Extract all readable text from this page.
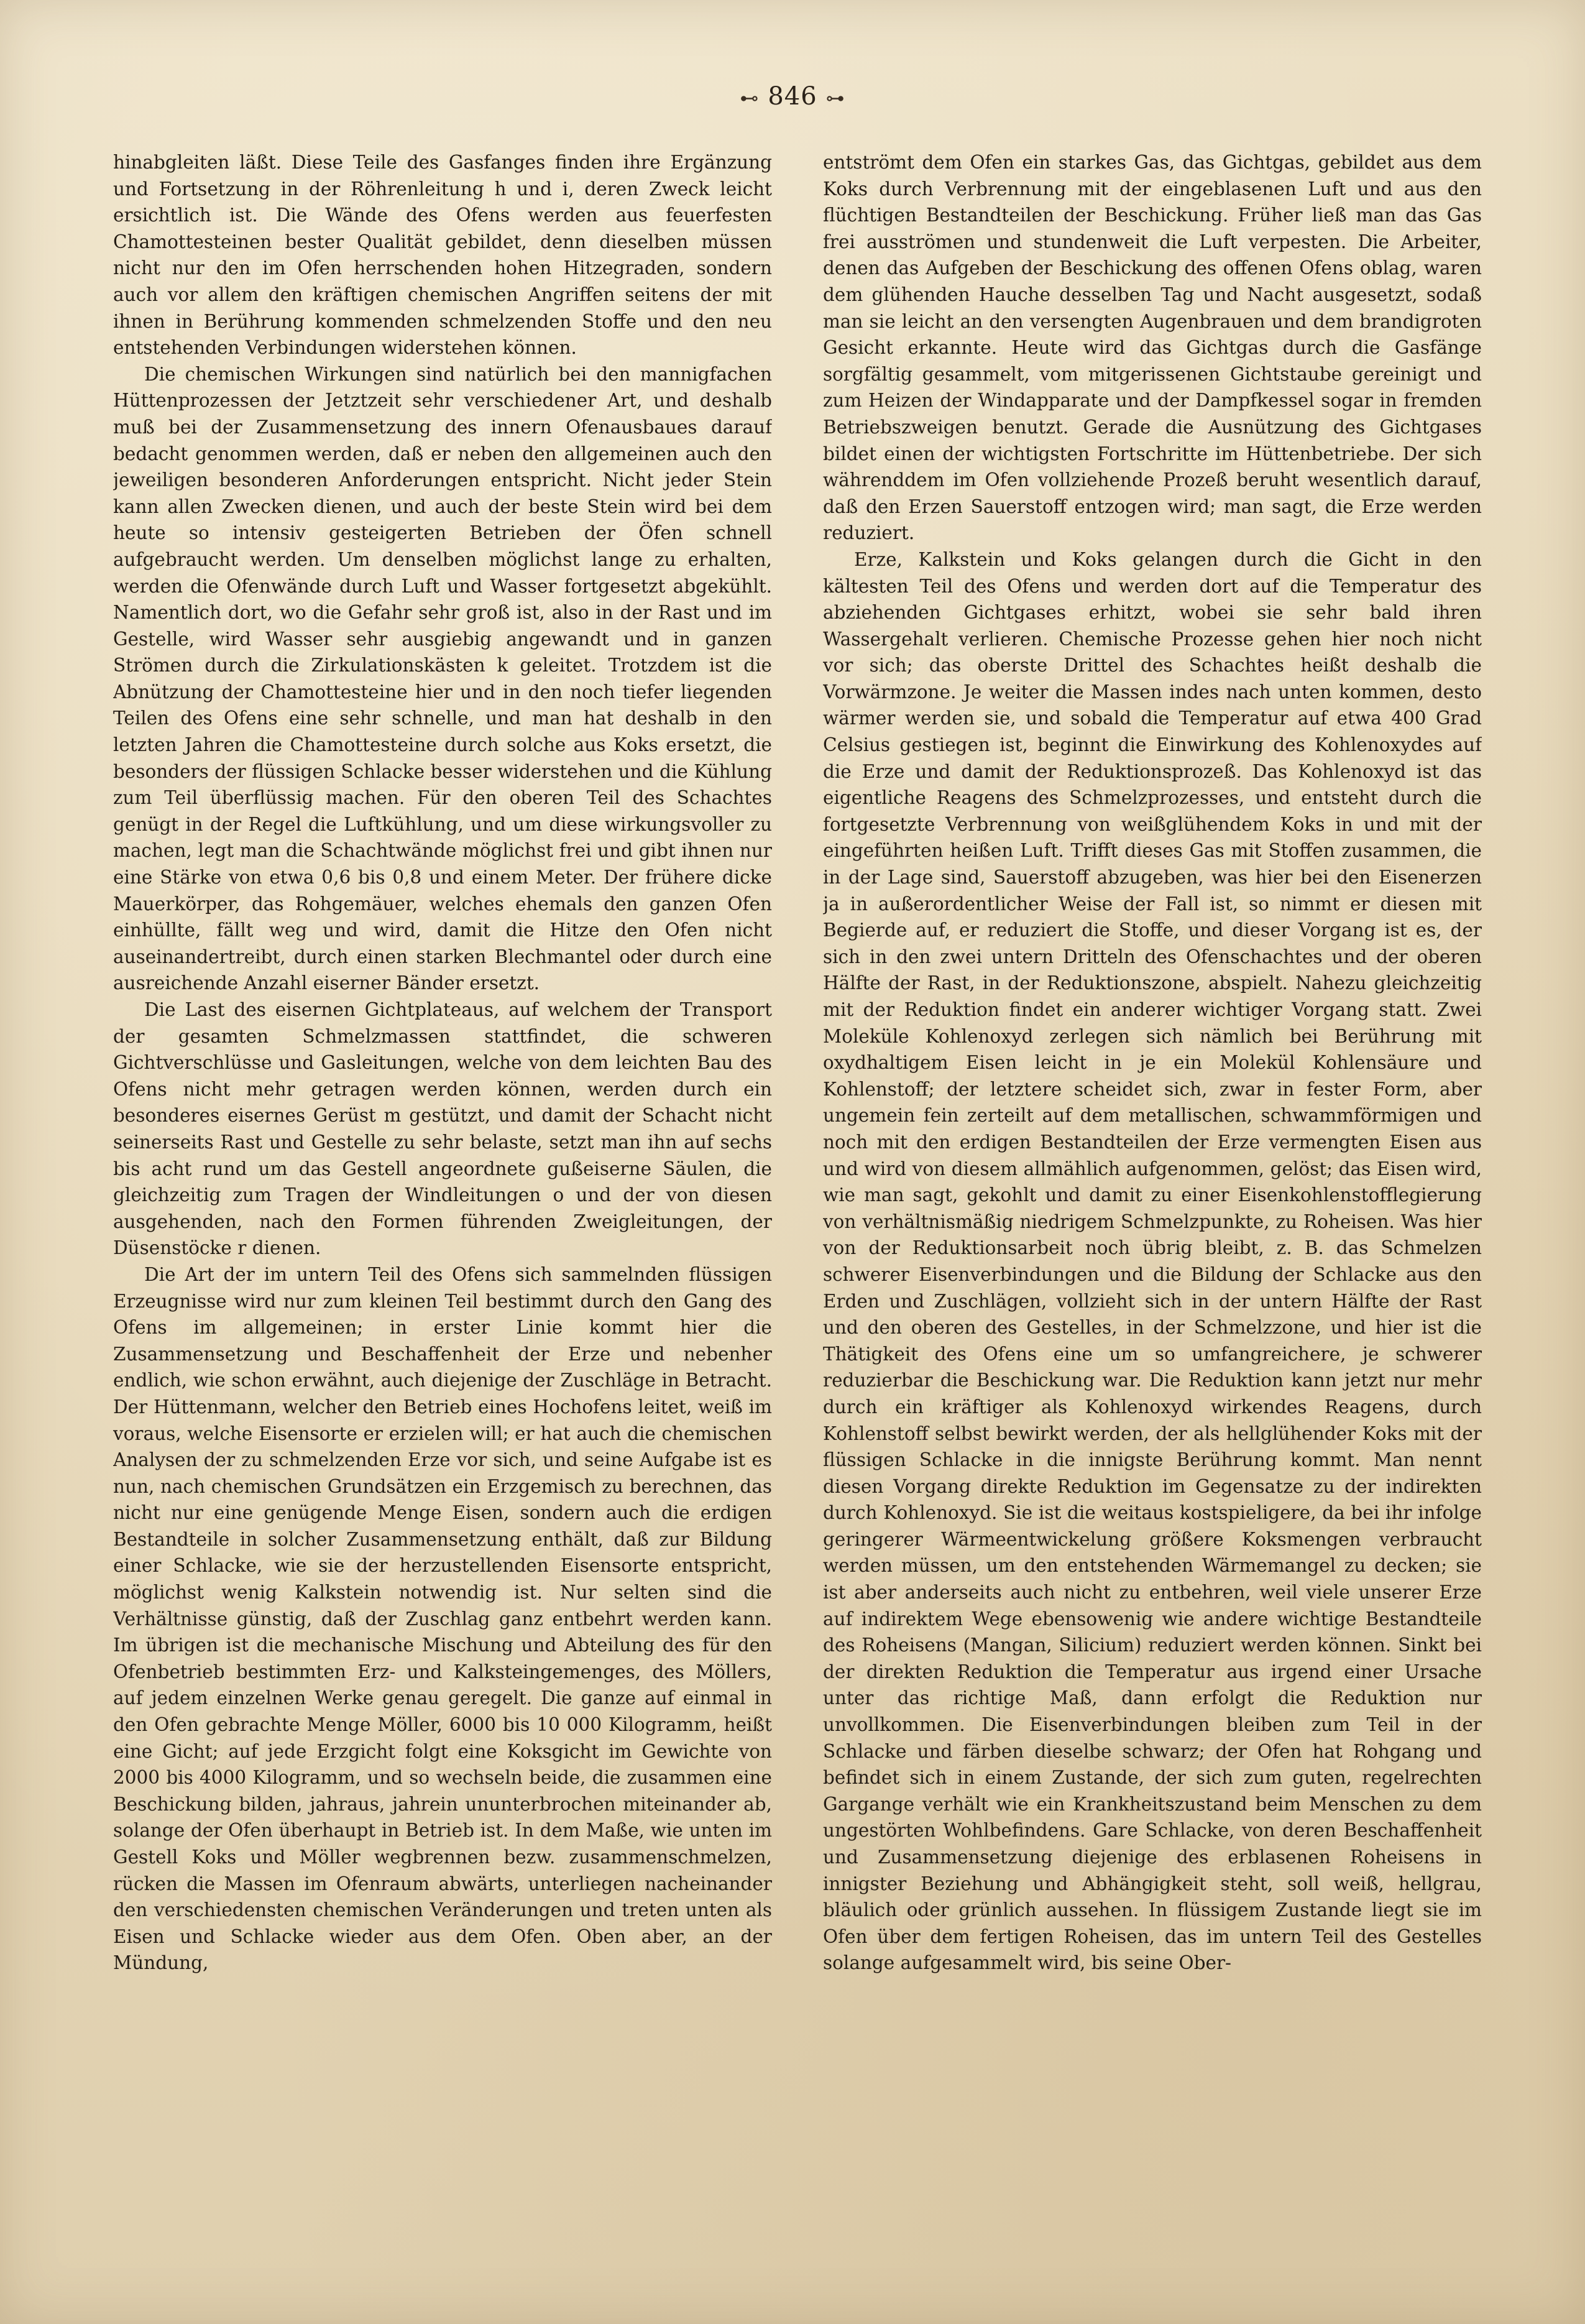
⊷ 846 ⊶

hinabgleiten läßt. Diese Teile des Gasfanges finden ihre Ergänzung und Fortsetzung in der Röhrenleitung h und i, deren Zweck leicht ersichtlich ist. Die Wände des Ofens werden aus feuerfesten Chamottesteinen bester Qualität gebildet, denn dieselben müssen nicht nur den im Ofen herrschenden hohen Hitzegraden, sondern auch vor allem den kräftigen chemischen Angriffen seitens der mit ihnen in Berührung kommenden schmelzenden Stoffe und den neu entstehenden Verbindungen widerstehen können.

Die chemischen Wirkungen sind natürlich bei den mannigfachen Hüttenprozessen der Jetztzeit sehr verschiedener Art, und deshalb muß bei der Zusammensetzung des innern Ofenausbaues darauf bedacht genommen werden, daß er neben den allgemeinen auch den jeweiligen besonderen Anforderungen entspricht. Nicht jeder Stein kann allen Zwecken dienen, und auch der beste Stein wird bei dem heute so intensiv gesteigerten Betrieben der Öfen schnell aufgebraucht werden. Um denselben möglichst lange zu erhalten, werden die Ofenwände durch Luft und Wasser fortgesetzt abgekühlt. Namentlich dort, wo die Gefahr sehr groß ist, also in der Rast und im Gestelle, wird Wasser sehr ausgiebig angewandt und in ganzen Strömen durch die Zirkulationskästen k geleitet. Trotzdem ist die Abnützung der Chamottesteine hier und in den noch tiefer liegenden Teilen des Ofens eine sehr schnelle, und man hat deshalb in den letzten Jahren die Chamottesteine durch solche aus Koks ersetzt, die besonders der flüssigen Schlacke besser widerstehen und die Kühlung zum Teil überflüssig machen. Für den oberen Teil des Schachtes genügt in der Regel die Luftkühlung, und um diese wirkungsvoller zu machen, legt man die Schachtwände möglichst frei und gibt ihnen nur eine Stärke von etwa 0,6 bis 0,8 und einem Meter. Der frühere dicke Mauerkörper, das Rohgemäuer, welches ehemals den ganzen Ofen einhüllte, fällt weg und wird, damit die Hitze den Ofen nicht auseinandertreibt, durch einen starken Blechmantel oder durch eine ausreichende Anzahl eiserner Bänder ersetzt.

Die Last des eisernen Gichtplateaus, auf welchem der Transport der gesamten Schmelzmassen stattfindet, die schweren Gichtverschlüsse und Gasleitungen, welche von dem leichten Bau des Ofens nicht mehr getragen werden können, werden durch ein besonderes eisernes Gerüst m gestützt, und damit der Schacht nicht seinerseits Rast und Gestelle zu sehr belaste, setzt man ihn auf sechs bis acht rund um das Gestell angeordnete gußeiserne Säulen, die gleichzeitig zum Tragen der Windleitungen o und der von diesen ausgehenden, nach den Formen führenden Zweigleitungen, der Düsenstöcke r dienen.

Die Art der im untern Teil des Ofens sich sammelnden flüssigen Erzeugnisse wird nur zum kleinen Teil bestimmt durch den Gang des Ofens im allgemeinen; in erster Linie kommt hier die Zusammensetzung und Beschaffenheit der Erze und nebenher endlich, wie schon erwähnt, auch diejenige der Zuschläge in Betracht. Der Hüttenmann, welcher den Betrieb eines Hochofens leitet, weiß im voraus, welche Eisensorte er erzielen will; er hat auch die chemischen Analysen der zu schmelzenden Erze vor sich, und seine Aufgabe ist es nun, nach chemischen Grundsätzen ein Erzgemisch zu berechnen, das nicht nur eine genügende Menge Eisen, sondern auch die erdigen Bestandteile in solcher Zusammensetzung enthält, daß zur Bildung einer Schlacke, wie sie der herzustellenden Eisensorte entspricht, möglichst wenig Kalkstein notwendig ist. Nur selten sind die Verhältnisse günstig, daß der Zuschlag ganz entbehrt werden kann. Im übrigen ist die mechanische Mischung und Abteilung des für den Ofenbetrieb bestimmten Erz- und Kalksteingemenges, des Möllers, auf jedem einzelnen Werke genau geregelt. Die ganze auf einmal in den Ofen gebrachte Menge Möller, 6000 bis 10 000 Kilogramm, heißt eine Gicht; auf jede Erzgicht folgt eine Koksgicht im Gewichte von 2000 bis 4000 Kilogramm, und so wechseln beide, die zusammen eine Beschickung bilden, jahraus, jahrein ununterbrochen miteinander ab, solange der Ofen überhaupt in Betrieb ist. In dem Maße, wie unten im Gestell Koks und Möller wegbrennen bezw. zusammenschmelzen, rücken die Massen im Ofenraum abwärts, unterliegen nacheinander den verschiedensten chemischen Veränderungen und treten unten als Eisen und Schlacke wieder aus dem Ofen. Oben aber, an der Mündung,

entströmt dem Ofen ein starkes Gas, das Gichtgas, gebildet aus dem Koks durch Verbrennung mit der eingeblasenen Luft und aus den flüchtigen Bestandteilen der Beschickung. Früher ließ man das Gas frei ausströmen und stundenweit die Luft verpesten. Die Arbeiter, denen das Aufgeben der Beschickung des offenen Ofens oblag, waren dem glühenden Hauche desselben Tag und Nacht ausgesetzt, sodaß man sie leicht an den versengten Augenbrauen und dem brandigroten Gesicht erkannte. Heute wird das Gichtgas durch die Gasfänge sorgfältig gesammelt, vom mitgerissenen Gichtstaube gereinigt und zum Heizen der Windapparate und der Dampfkessel sogar in fremden Betriebszweigen benutzt. Gerade die Ausnützung des Gichtgases bildet einen der wichtigsten Fortschritte im Hüttenbetriebe. Der sich währenddem im Ofen vollziehende Prozeß beruht wesentlich darauf, daß den Erzen Sauerstoff entzogen wird; man sagt, die Erze werden reduziert.

Erze, Kalkstein und Koks gelangen durch die Gicht in den kältesten Teil des Ofens und werden dort auf die Temperatur des abziehenden Gichtgases erhitzt, wobei sie sehr bald ihren Wassergehalt verlieren. Chemische Prozesse gehen hier noch nicht vor sich; das oberste Drittel des Schachtes heißt deshalb die Vorwärmzone. Je weiter die Massen indes nach unten kommen, desto wärmer werden sie, und sobald die Temperatur auf etwa 400 Grad Celsius gestiegen ist, beginnt die Einwirkung des Kohlenoxydes auf die Erze und damit der Reduktionsprozeß. Das Kohlenoxyd ist das eigentliche Reagens des Schmelzprozesses, und entsteht durch die fortgesetzte Verbrennung von weißglühendem Koks in und mit der eingeführten heißen Luft. Trifft dieses Gas mit Stoffen zusammen, die in der Lage sind, Sauerstoff abzugeben, was hier bei den Eisenerzen ja in außerordentlicher Weise der Fall ist, so nimmt er diesen mit Begierde auf, er reduziert die Stoffe, und dieser Vorgang ist es, der sich in den zwei untern Dritteln des Ofenschachtes und der oberen Hälfte der Rast, in der Reduktionszone, abspielt. Nahezu gleichzeitig mit der Reduktion findet ein anderer wichtiger Vorgang statt. Zwei Moleküle Kohlenoxyd zerlegen sich nämlich bei Berührung mit oxydhaltigem Eisen leicht in je ein Molekül Kohlensäure und Kohlenstoff; der letztere scheidet sich, zwar in fester Form, aber ungemein fein zerteilt auf dem metallischen, schwammförmigen und noch mit den erdigen Bestandteilen der Erze vermengten Eisen aus und wird von diesem allmählich aufgenommen, gelöst; das Eisen wird, wie man sagt, gekohlt und damit zu einer Eisenkohlenstofflegierung von verhältnismäßig niedrigem Schmelzpunkte, zu Roheisen. Was hier von der Reduktionsarbeit noch übrig bleibt, z. B. das Schmelzen schwerer Eisenverbindungen und die Bildung der Schlacke aus den Erden und Zuschlägen, vollzieht sich in der untern Hälfte der Rast und den oberen des Gestelles, in der Schmelzzone, und hier ist die Thätigkeit des Ofens eine um so umfangreichere, je schwerer reduzierbar die Beschickung war. Die Reduktion kann jetzt nur mehr durch ein kräftiger als Kohlenoxyd wirkendes Reagens, durch Kohlenstoff selbst bewirkt werden, der als hellglühender Koks mit der flüssigen Schlacke in die innigste Berührung kommt. Man nennt diesen Vorgang direkte Reduktion im Gegensatze zu der indirekten durch Kohlenoxyd. Sie ist die weitaus kostspieligere, da bei ihr infolge geringerer Wärmeentwickelung größere Koksmengen verbraucht werden müssen, um den entstehenden Wärmemangel zu decken; sie ist aber anderseits auch nicht zu entbehren, weil viele unserer Erze auf indirektem Wege ebensowenig wie andere wichtige Bestandteile des Roheisens (Mangan, Silicium) reduziert werden können. Sinkt bei der direkten Reduktion die Temperatur aus irgend einer Ursache unter das richtige Maß, dann erfolgt die Reduktion nur unvollkommen. Die Eisenverbindungen bleiben zum Teil in der Schlacke und färben dieselbe schwarz; der Ofen hat Rohgang und befindet sich in einem Zustande, der sich zum guten, regelrechten Gargange verhält wie ein Krankheitszustand beim Menschen zu dem ungestörten Wohlbefindens. Gare Schlacke, von deren Beschaffenheit und Zusammensetzung diejenige des erblasenen Roheisens in innigster Beziehung und Abhängigkeit steht, soll weiß, hellgrau, bläulich oder grünlich aussehen. In flüssigem Zustande liegt sie im Ofen über dem fertigen Roheisen, das im untern Teil des Gestelles solange aufgesammelt wird, bis seine Ober-
